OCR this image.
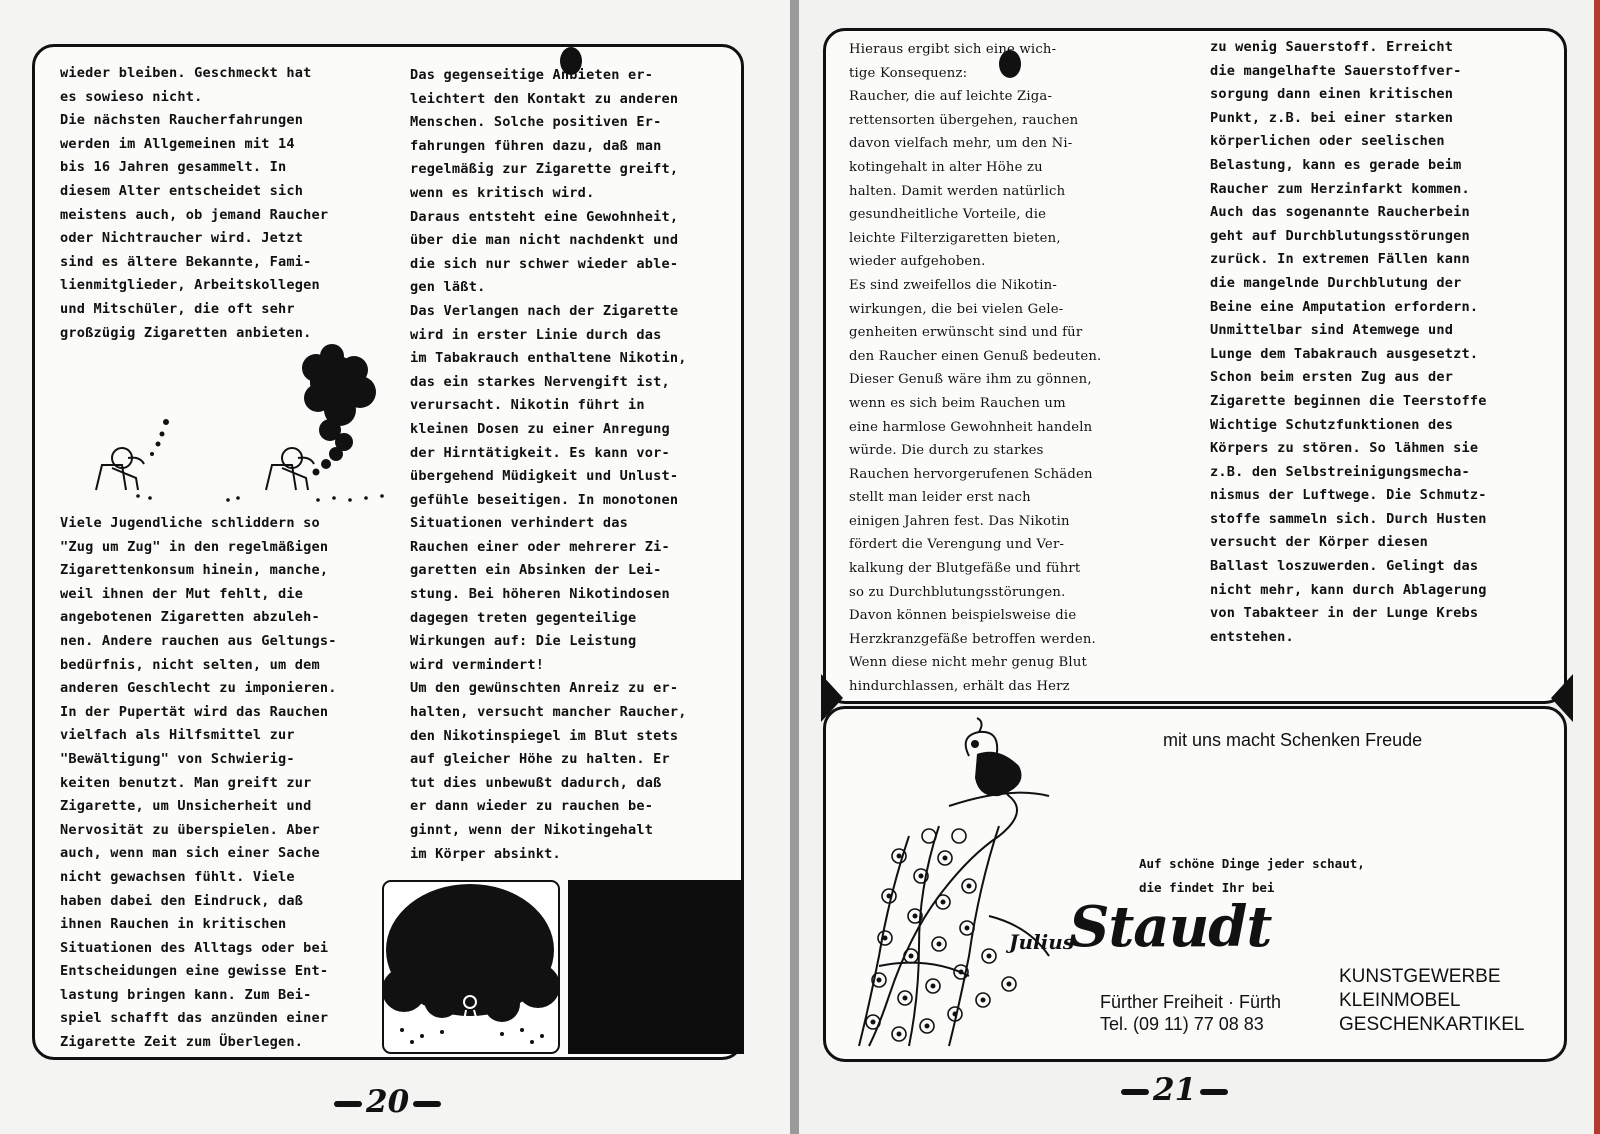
wieder bleiben. Geschmeckt hat

es sowieso nicht.

Die nächsten Raucherfahrungen

werden im Allgemeinen mit 14

bis 16 Jahren gesammelt. In

diesem Alter entscheidet sich

meistens auch, ob jemand Raucher

oder Nichtraucher wird. Jetzt

sind es ältere Bekannte, Fami-

lienmitglieder, Arbeitskollegen

und Mitschüler, die oft sehr

großzügig Zigaretten anbieten.

Viele Jugendliche schliddern so

"Zug um Zug" in den regelmäßigen

Zigarettenkonsum hinein, manche,

weil ihnen der Mut fehlt, die

angebotenen Zigaretten abzuleh-

nen. Andere rauchen aus Geltungs-

bedürfnis, nicht selten, um dem

anderen Geschlecht zu imponieren.

In der Pupertät wird das Rauchen

vielfach als Hilfsmittel zur

"Bewältigung" von Schwierig-

keiten benutzt. Man greift zur

Zigarette, um Unsicherheit und

Nervosität zu überspielen. Aber

auch, wenn man sich einer Sache

nicht gewachsen fühlt. Viele

haben dabei den Eindruck, daß

ihnen Rauchen in kritischen

Situationen des Alltags oder bei

Entscheidungen eine gewisse Ent-

lastung bringen kann. Zum Bei-

spiel schafft das anzünden einer

Zigarette Zeit zum Überlegen.

Das gegenseitige Anbieten er-

leichtert den Kontakt zu anderen

Menschen. Solche positiven Er-

fahrungen führen dazu, daß man

regelmäßig zur Zigarette greift,

wenn es kritisch wird.

Daraus entsteht eine Gewohnheit,

über die man nicht nachdenkt und

die sich nur schwer wieder able-

gen läßt.

Das Verlangen nach der Zigarette

wird in erster Linie durch das

im Tabakrauch enthaltene Nikotin,

das ein starkes Nervengift ist,

verursacht. Nikotin führt in

kleinen Dosen zu einer Anregung

der Hirntätigkeit. Es kann vor-

übergehend Müdigkeit und Unlust-

gefühle beseitigen. In monotonen

Situationen verhindert das

Rauchen einer oder mehrerer Zi-

garetten ein Absinken der Lei-

stung. Bei höheren Nikotindosen

dagegen treten gegenteilige

Wirkungen auf: Die Leistung

wird vermindert!

Um den gewünschten Anreiz zu er-

halten, versucht mancher Raucher,

den Nikotinspiegel im Blut stets

auf gleicher Höhe zu halten. Er

tut dies unbewußt dadurch, daß

er dann wieder zu rauchen be-

ginnt, wenn der Nikotingehalt

im Körper absinkt.

20

Hieraus ergibt sich eine wich-

tige Konsequenz:

Raucher, die auf leichte Ziga-

rettensorten übergehen, rauchen

davon vielfach mehr, um den Ni-

kotingehalt in alter Höhe zu

halten. Damit werden natürlich

gesundheitliche Vorteile, die

leichte Filterzigaretten bieten,

wieder aufgehoben.

Es sind zweifellos die Nikotin-

wirkungen, die bei vielen Gele-

genheiten erwünscht sind und für

den Raucher einen Genuß bedeuten.

Dieser Genuß wäre ihm zu gönnen,

wenn es sich beim Rauchen um

eine harmlose Gewohnheit handeln

würde. Die durch zu starkes

Rauchen hervorgerufenen Schäden

stellt man leider erst nach

einigen Jahren fest. Das Nikotin

fördert die Verengung und Ver-

kalkung der Blutgefäße und führt

so zu Durchblutungsstörungen.

Davon können beispielsweise die

Herzkranzgefäße betroffen werden.

Wenn diese nicht mehr genug Blut

hindurchlassen, erhält das Herz

zu wenig Sauerstoff. Erreicht

die mangelhafte Sauerstoffver-

sorgung dann einen kritischen

Punkt, z.B. bei einer starken

körperlichen oder seelischen

Belastung, kann es gerade beim

Raucher zum Herzinfarkt kommen.

Auch das sogenannte Raucherbein

geht auf Durchblutungsstörungen

zurück. In extremen Fällen kann

die mangelnde Durchblutung der

Beine eine Amputation erfordern.

Unmittelbar sind Atemwege und

Lunge dem Tabakrauch ausgesetzt.

Schon beim ersten Zug aus der

Zigarette beginnen die Teerstoffe

Wichtige Schutzfunktionen des

Körpers zu stören. So lähmen sie

z.B. den Selbstreinigungsmecha-

nismus der Luftwege. Die Schmutz-

stoffe sammeln sich. Durch Husten

versucht der Körper diesen

Ballast loszuwerden. Gelingt das

nicht mehr, kann durch Ablagerung

von Tabakteer in der Lunge Krebs

entstehen.

mit uns macht Schenken Freude
Auf schöne Dinge jeder schaut,
die findet Ihr bei
Julius
Staudt
Fürther Freiheit · Fürth
Tel. (09 11) 77 08 83
KUNSTGEWERBE
KLEINMOBEL
GESCHENKARTIKEL
21
